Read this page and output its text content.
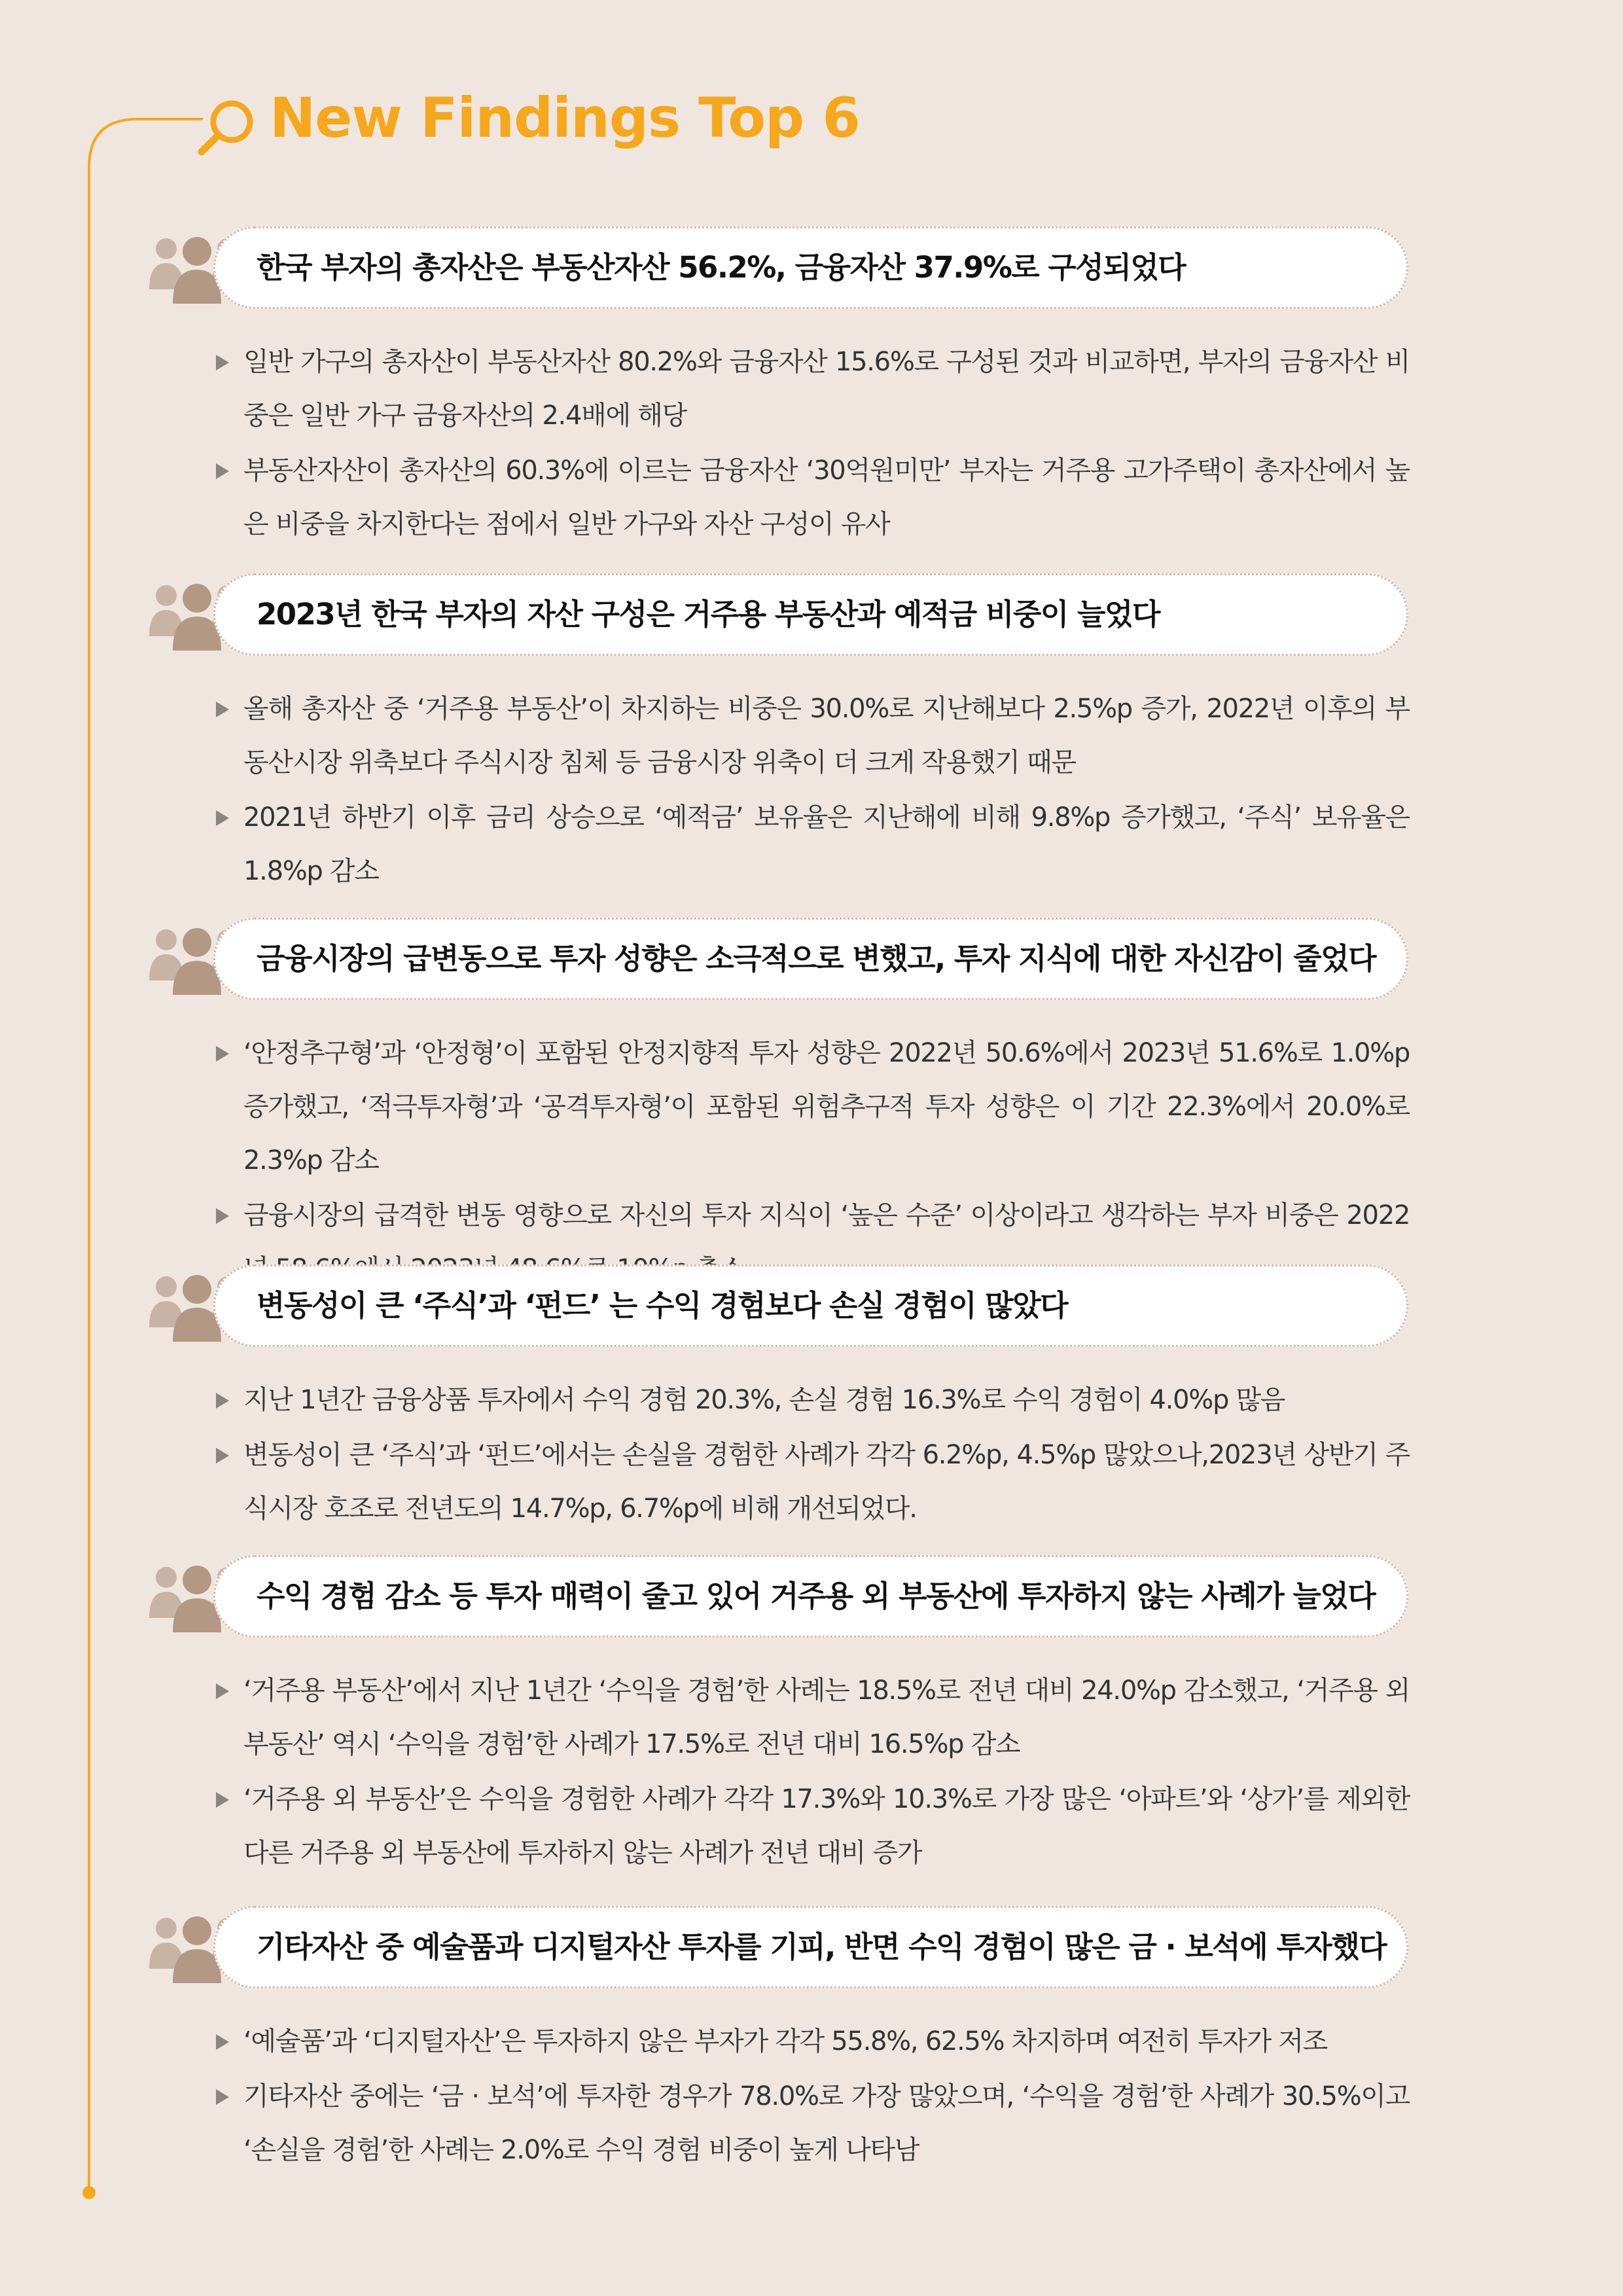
New Findings Top 6
한국 부자의 총자산은 부동산자산 56.2%, 금융자산 37.9%로 구성되었다
일반 가구의 총자산이 부동산자산 80.2%와 금융자산 15.6%로 구성된 것과 비교하면, 부자의 금융자산 비중은 일반 가구 금융자산의 2.4배에 해당
부동산자산이 총자산의 60.3%에 이르는 금융자산 ‘30억원미만’ 부자는 거주용 고가주택이 총자산에서 높은 비중을 차지한다는 점에서 일반 가구와 자산 구성이 유사
2023년 한국 부자의 자산 구성은 거주용 부동산과 예적금 비중이 늘었다
올해 총자산 중 ‘거주용 부동산’이 차지하는 비중은 30.0%로 지난해보다 2.5%p 증가, 2022년 이후의 부동산시장 위축보다 주식시장 침체 등 금융시장 위축이 더 크게 작용했기 때문
2021년 하반기 이후 금리 상승으로 ‘예적금’ 보유율은 지난해에 비해 9.8%p 증가했고, ‘주식’ 보유율은 1.8%p 감소
금융시장의 급변동으로 투자 성향은 소극적으로 변했고, 투자 지식에 대한 자신감이 줄었다
‘안정추구형’과 ‘안정형’이 포함된 안정지향적 투자 성향은 2022년 50.6%에서 2023년 51.6%로 1.0%p 증가했고, ‘적극투자형’과 ‘공격투자형’이 포함된 위험추구적 투자 성향은 이 기간 22.3%에서 20.0%로 2.3%p 감소
금융시장의 급격한 변동 영향으로 자신의 투자 지식이 ‘높은 수준’ 이상이라고 생각하는 부자 비중은 2022
변동성이 큰 ‘주식’과 ‘펀드’ 는 수익 경험보다 손실 경험이 많았다
지난 1년간 금융상품 투자에서 수익 경험 20.3%, 손실 경험 16.3%로 수익 경험이 4.0%p 많음
변동성이 큰 ‘주식’과 ‘펀드’에서는 손실을 경험한 사례가 각각 6.2%p, 4.5%p 많았으나,2023년 상반기 주식시장 호조로 전년도의 14.7%p, 6.7%p에 비해 개선되었다.
수익 경험 감소 등 투자 매력이 줄고 있어 거주용 외 부동산에 투자하지 않는 사례가 늘었다
‘거주용 부동산’에서 지난 1년간 ‘수익을 경험’한 사례는 18.5%로 전년 대비 24.0%p 감소했고, ‘거주용 외 부동산’ 역시 ‘수익을 경험’한 사례가 17.5%로 전년 대비 16.5%p 감소
‘거주용 외 부동산’은 수익을 경험한 사례가 각각 17.3%와 10.3%로 가장 많은 ‘아파트’와 ‘상가’를 제외한 다른 거주용 외 부동산에 투자하지 않는 사례가 전년 대비 증가
기타자산 중 예술품과 디지털자산 투자를 기피, 반면 수익 경험이 많은 금 · 보석에 투자했다
‘예술품’과 ‘디지털자산’은 투자하지 않은 부자가 각각 55.8%, 62.5% 차지하며 여전히 투자가 저조
기타자산 중에는 ‘금 · 보석’에 투자한 경우가 78.0%로 가장 많았으며, ‘수익을 경험’한 사례가 30.5%이고 ‘손실을 경험’한 사례는 2.0%로 수익 경험 비중이 높게 나타남
